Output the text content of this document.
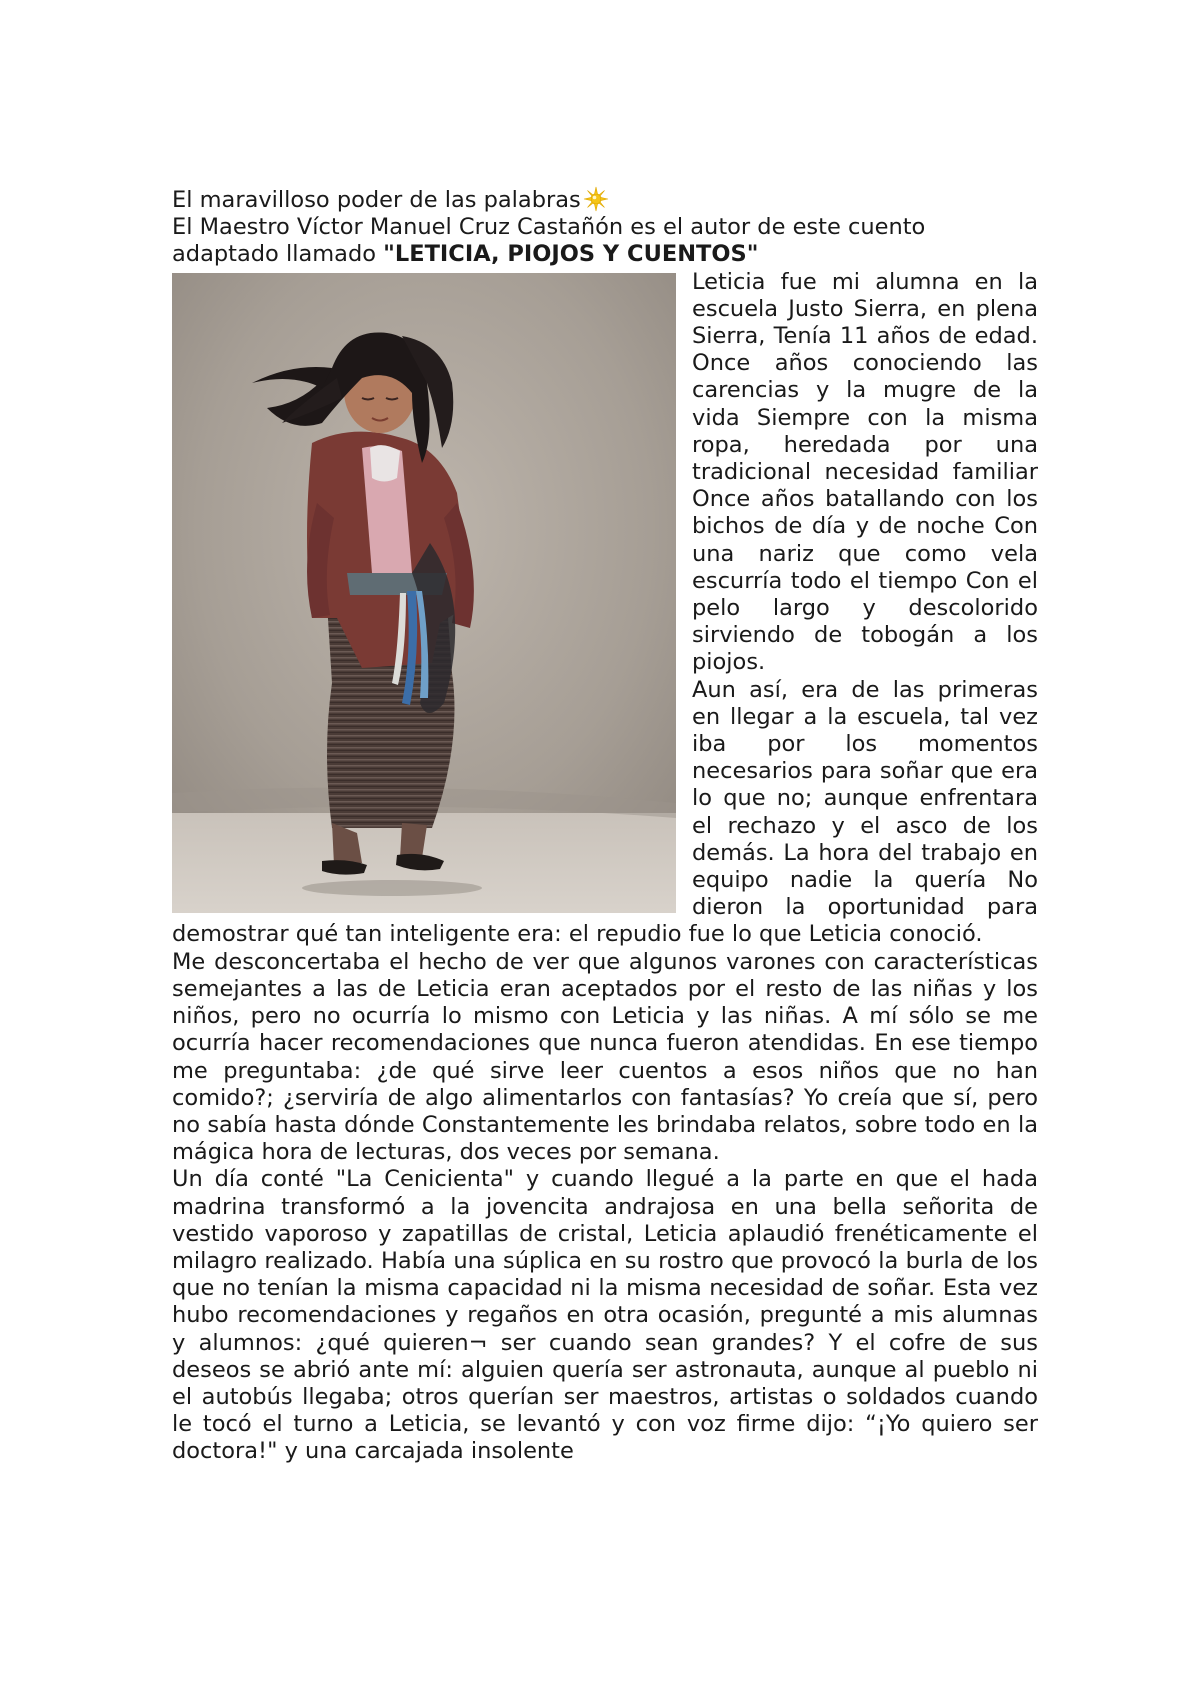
El maravilloso poder de las palabras

El Maestro Víctor Manuel Cruz Castañón es el autor de este cuento

adaptado llamado "LETICIA, PIOJOS Y CUENTOS"

Leticia fue mi alumna en la escuela Justo Sierra, en plena Sierra, Tenía 11 años de edad. Once años conociendo las carencias y la mugre de la vida Siempre con la misma ropa, heredada por una tradicional necesidad familiar Once años batallando con los bichos de día y de noche Con una nariz que como vela escurría todo el tiempo Con el pelo largo y descolorido sirviendo de tobogán a los piojos.

Aun así, era de las primeras en llegar a la escuela, tal vez iba por los momentos necesarios para soñar que era lo que no; aunque enfrentara el rechazo y el asco de los demás. La hora del trabajo en equipo nadie la quería No dieron la oportunidad para demostrar qué tan inteligente era: el repudio fue lo que Leticia conoció.

Me desconcertaba el hecho de ver que algunos varones con características semejantes a las de Leticia eran aceptados por el resto de las niñas y los niños, pero no ocurría lo mismo con Leticia y las niñas. A mí sólo se me ocurría hacer recomendaciones que nunca fueron atendidas. En ese tiempo me preguntaba: ¿de qué sirve leer cuentos a esos niños que no han comido?; ¿serviría de algo alimentarlos con fantasías? Yo creía que sí, pero no sabía hasta dónde Constantemente les brindaba relatos, sobre todo en la mágica hora de lecturas, dos veces por semana.

Un día conté "La Cenicienta" y cuando llegué a la parte en que el hada madrina transformó a la jovencita andrajosa en una bella señorita de vestido vaporoso y zapatillas de cristal, Leticia aplaudió frenéticamente el milagro realizado. Había una súplica en su rostro que provocó la burla de los que no tenían la misma capacidad ni la misma necesidad de soñar. Esta vez hubo recomendaciones y regaños en otra ocasión, pregunté a mis alumnas y alumnos: ¿qué quieren¬ ser cuando sean grandes? Y el cofre de sus deseos se abrió ante mí: alguien quería ser astronauta, aunque al pueblo ni el autobús llegaba; otros querían ser maestros, artistas o soldados cuando le tocó el turno a Leticia, se levantó y con voz firme dijo: “¡Yo quiero ser doctora!" y una carcajada insolente
